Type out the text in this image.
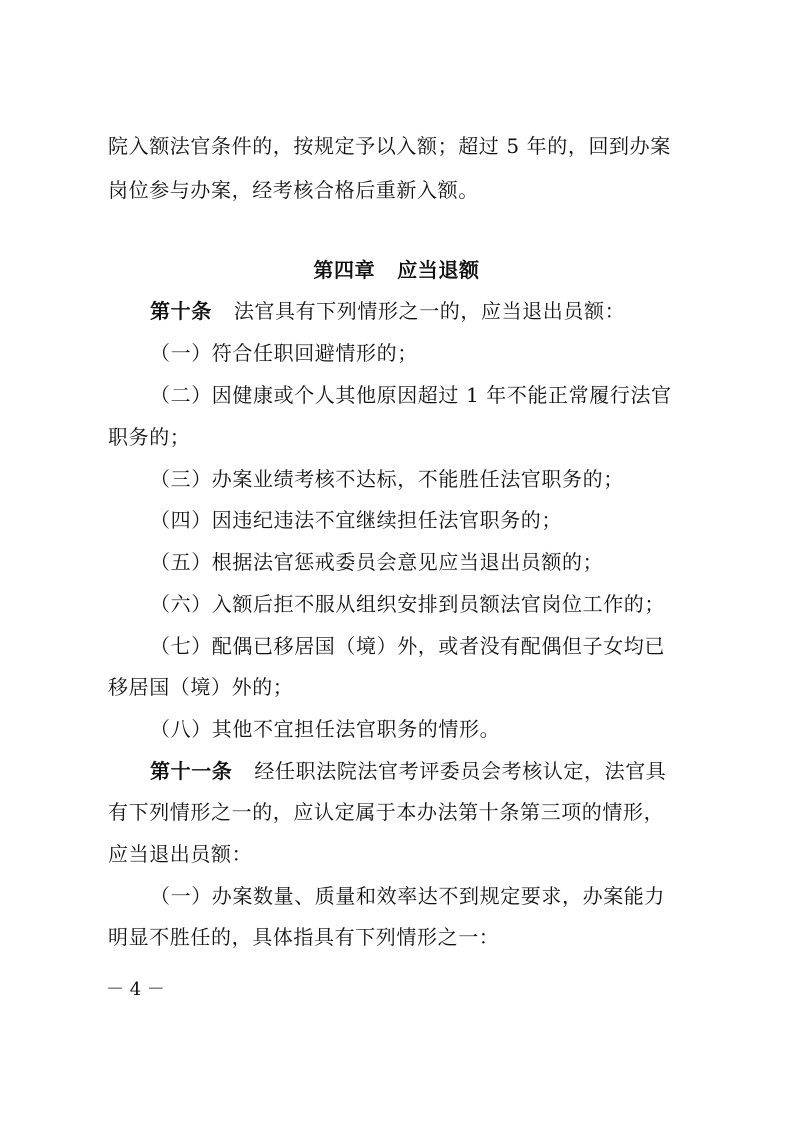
院入额法官条件的，按规定予以入额；超过 5 年的，回到办案
岗位参与办案，经考核合格后重新入额。
第四章 应当退额
第十条 法官具有下列情形之一的，应当退出员额：
（一）符合任职回避情形的；
（二）因健康或个人其他原因超过 1 年不能正常履行法官
职务的；
（三）办案业绩考核不达标，不能胜任法官职务的；
（四）因违纪违法不宜继续担任法官职务的；
（五）根据法官惩戒委员会意见应当退出员额的；
（六）入额后拒不服从组织安排到员额法官岗位工作的；
（七）配偶已移居国（境）外，或者没有配偶但子女均已
移居国（境）外的；
（八）其他不宜担任法官职务的情形。
第十一条 经任职法院法官考评委员会考核认定，法官具
有下列情形之一的，应认定属于本办法第十条第三项的情形，
应当退出员额：
（一）办案数量、质量和效率达不到规定要求，办案能力
明显不胜任的，具体指具有下列情形之一：
－ 4 －
